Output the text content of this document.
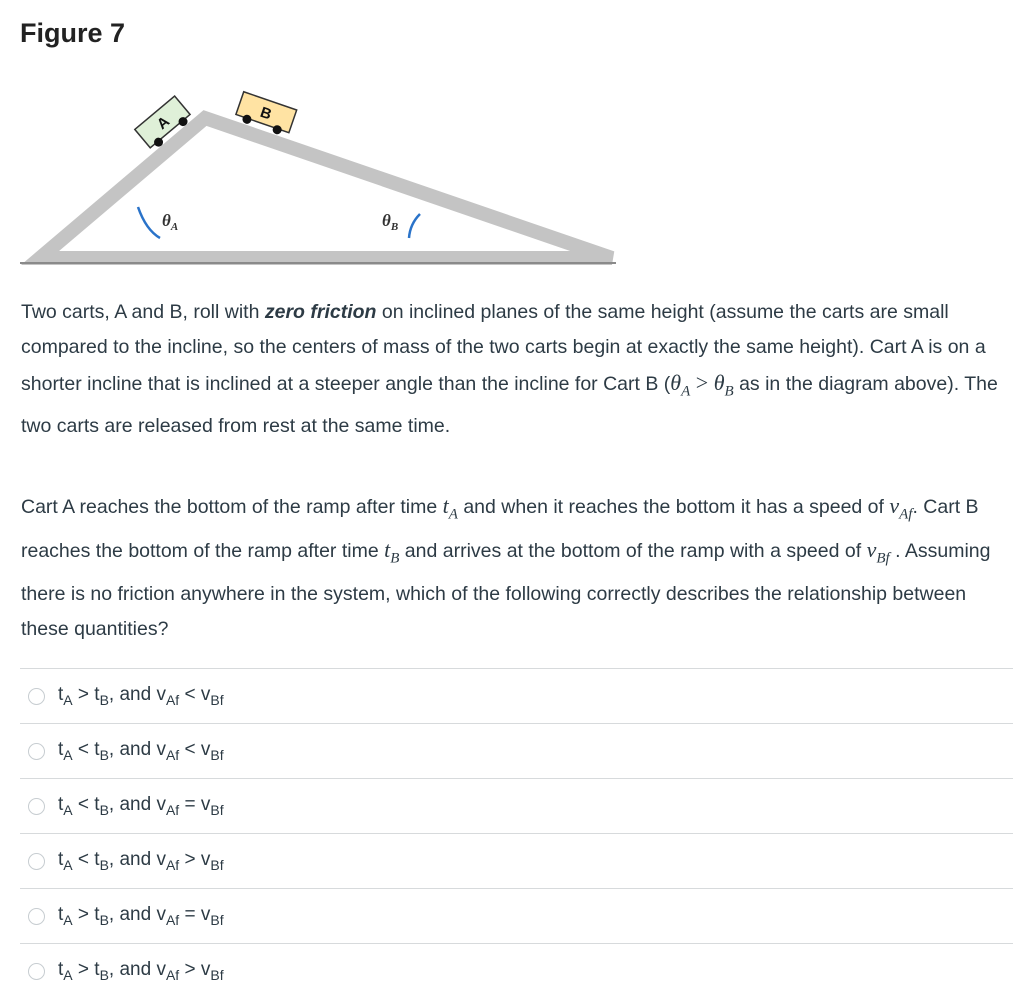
Figure 7
A	B
$\theta_A$	$\theta_B$

Two carts, A and B, roll with zero friction on inclined planes of the same height (assume the carts are small compared to the incline, so the centers of mass of the two carts begin at exactly the same height). Cart A is on a shorter incline that is inclined at a steeper angle than the incline for Cart B ($\theta_A > \theta_B$ as in the diagram above). The two carts are released from rest at the same time.

Cart A reaches the bottom of the ramp after time $t_A$ and when it reaches the bottom it has a speed of $v_{Af}$. Cart B reaches the bottom of the ramp after time $t_B$ and arrives at the bottom of the ramp with a speed of $v_{Bf}$ . Assuming there is no friction anywhere in the system, which of the following correctly describes the relationship between these quantities?

$t_A > t_B$, and $v_{Af} < v_{Bf}$
$t_A < t_B$, and $v_{Af} < v_{Bf}$
$t_A < t_B$, and $v_{Af} = v_{Bf}$
$t_A < t_B$, and $v_{Af} > v_{Bf}$
$t_A > t_B$, and $v_{Af} = v_{Bf}$
$t_A > t_B$, and $v_{Af} > v_{Bf}$
